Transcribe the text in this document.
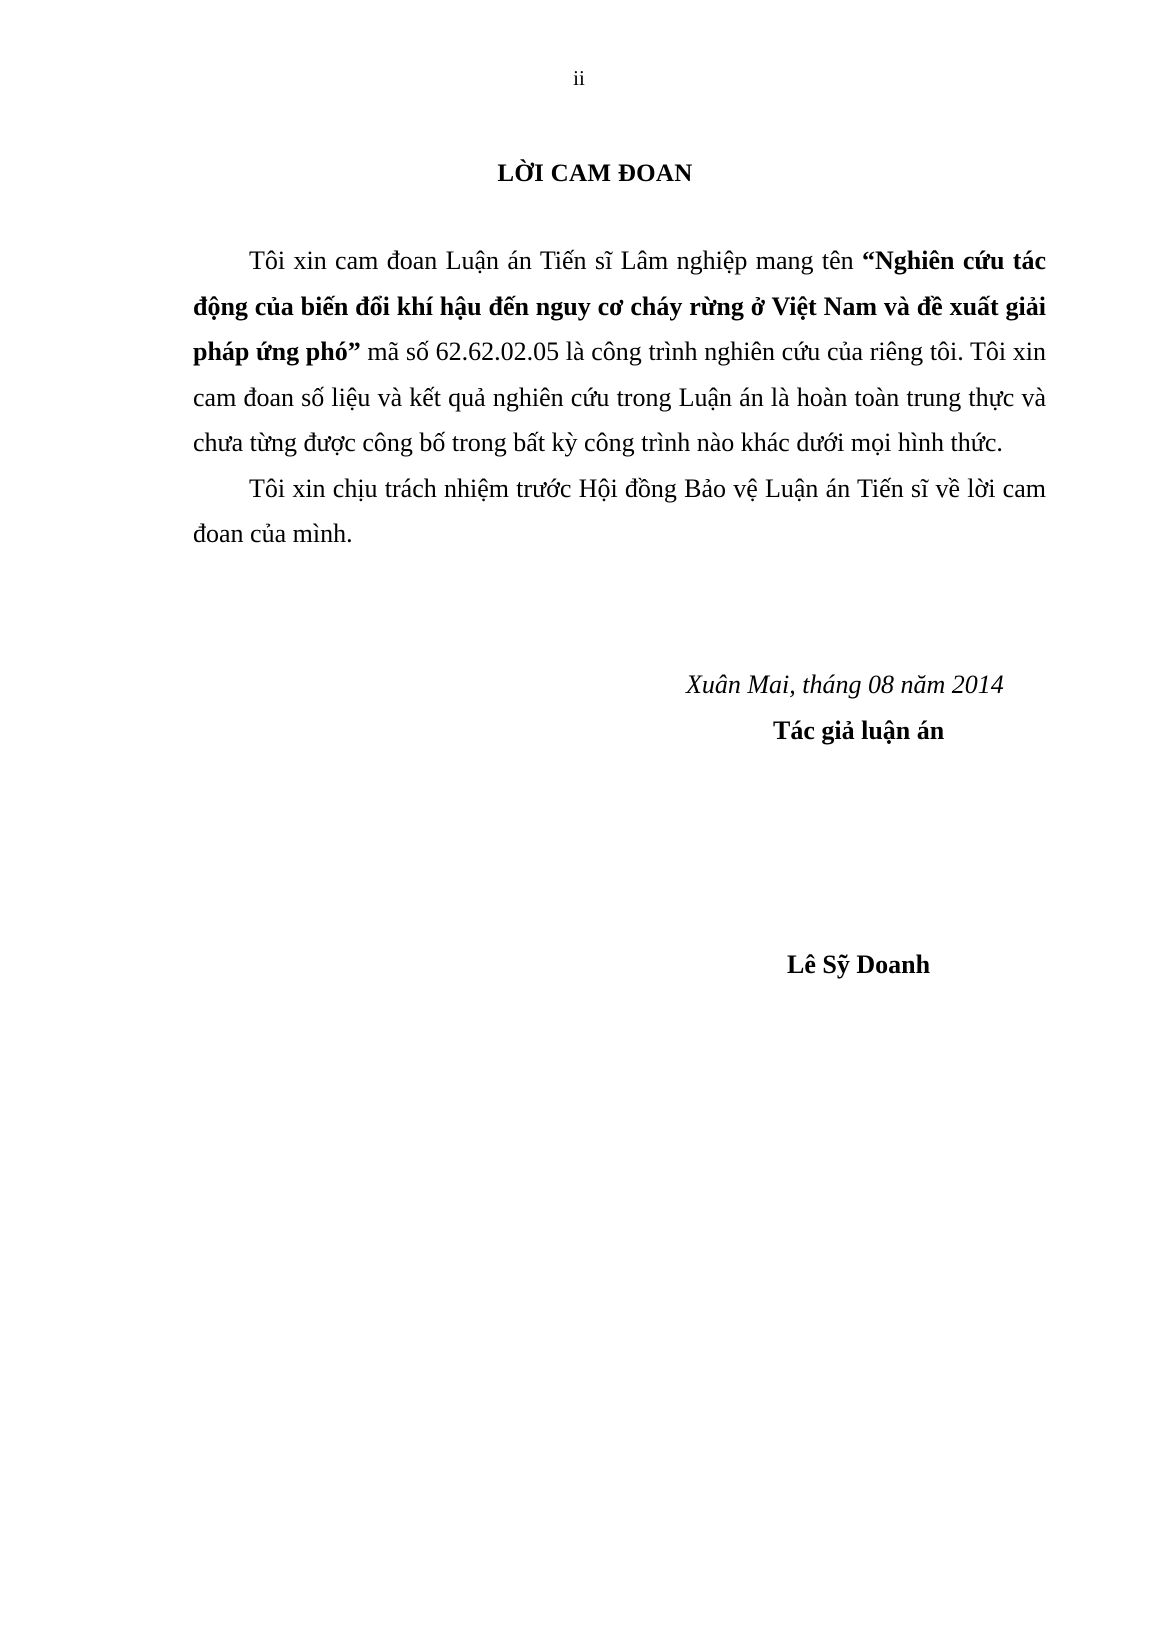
ii
LỜI CAM ĐOAN

Tôi xin cam đoan Luận án Tiến sĩ Lâm nghiệp mang tên “Nghiên cứu tác động của biến đổi khí hậu đến nguy cơ cháy rừng ở Việt Nam và đề xuất giải pháp ứng phó” mã số 62.62.02.05 là công trình nghiên cứu của riêng tôi. Tôi xin cam đoan số liệu và kết quả nghiên cứu trong Luận án là hoàn toàn trung thực và chưa từng được công bố trong bất kỳ công trình nào khác dưới mọi hình thức.

Tôi xin chịu trách nhiệm trước Hội đồng Bảo vệ Luận án Tiến sĩ về lời cam đoan của mình.

Xuân Mai, tháng 08 năm 2014
Tác giả luận án
Lê Sỹ Doanh
